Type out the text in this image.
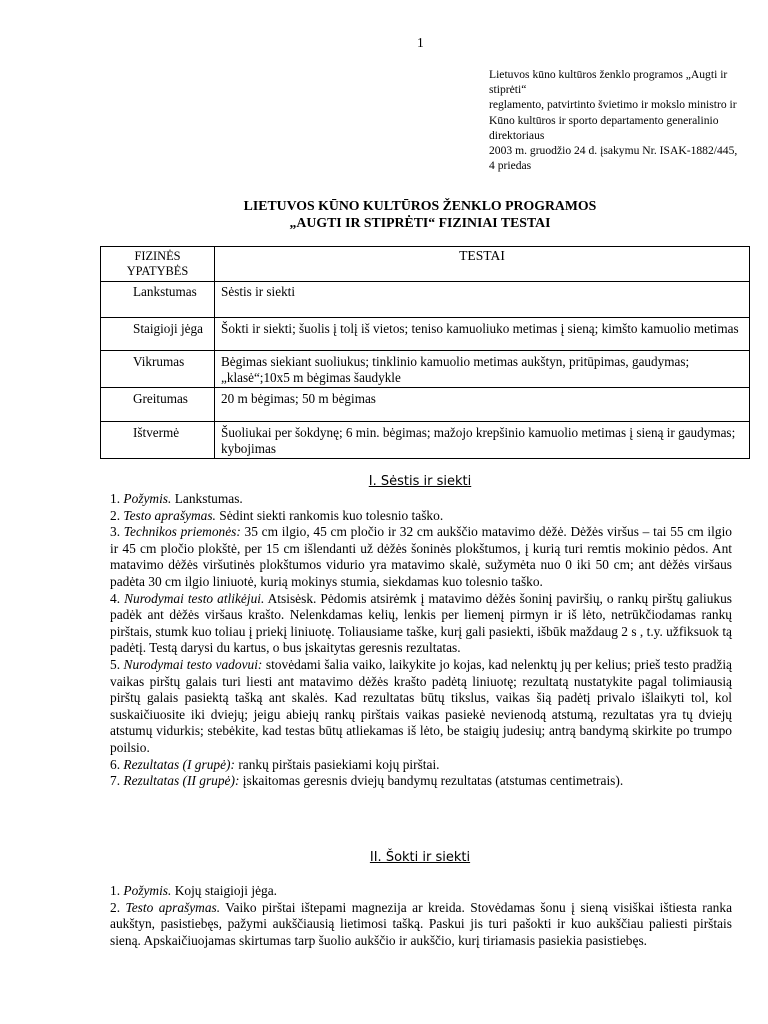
1
Lietuvos kūno kultūros ženklo programos „Augti ir
stiprėti“
reglamento, patvirtinto švietimo ir mokslo ministro ir
Kūno kultūros ir sporto departamento generalinio
direktoriaus
2003 m. gruodžio 24 d. įsakymu Nr. ISAK-1882/445,
4 priedas
LIETUVOS KŪNO KULTŪROS ŽENKLO PROGRAMOS
„AUGTI IR STIPRĖTI“ FIZINIAI TESTAI
FIZINĖS YPATYBĖS	TESTAI
Lankstumas	Sėstis ir siekti
Staigioji jėga	Šokti ir siekti; šuolis į tolį iš vietos; teniso kamuoliuko metimas į sieną; kimšto kamuolio metimas
Vikrumas	Bėgimas siekiant suoliukus; tinklinio kamuolio metimas aukštyn, pritūpimas, gaudymas; „klasė“;10x5 m bėgimas šaudykle
Greitumas	20 m bėgimas; 50 m bėgimas
Ištvermė	Šuoliukai per šokdynę; 6 min. bėgimas; mažojo krepšinio kamuolio metimas į sieną ir gaudymas; kybojimas
I. Sėstis ir siekti

1. Požymis. Lankstumas.

2. Testo aprašymas. Sėdint siekti rankomis kuo tolesnio taško.

3. Technikos priemonės: 35 cm ilgio, 45 cm pločio ir 32 cm aukščio matavimo dėžė. Dėžės viršus – tai 55 cm ilgio ir 45 cm pločio plokštė, per 15 cm išlendanti už dėžės šoninės plokštumos, į kurią turi remtis mokinio pėdos. Ant matavimo dėžės viršutinės plokštumos vidurio yra matavimo skalė, sužymėta nuo 0 iki 50 cm; ant dėžės viršaus padėta 30 cm ilgio liniuotė, kurią mokinys stumia, siekdamas kuo tolesnio taško.

4. Nurodymai testo atlikėjui. Atsisėsk. Pėdomis atsirėmk į matavimo dėžės šoninį paviršių, o rankų pirštų galiukus padėk ant dėžės viršaus krašto. Nelenkdamas kelių, lenkis per liemenį pirmyn ir iš lėto, netrūkčiodamas rankų pirštais, stumk kuo toliau į priekį liniuotę. Toliausiame taške, kurį gali pasiekti, išbūk maždaug 2 s , t.y. užfiksuok tą padėtį. Testą darysi du kartus, o bus įskaitytas geresnis rezultatas.

5. Nurodymai testo vadovui: stovėdami šalia vaiko, laikykite jo kojas, kad nelenktų jų per kelius; prieš testo pradžią vaikas pirštų galais turi liesti ant matavimo dėžės krašto padėtą liniuotę; rezultatą nustatykite pagal tolimiausią pirštų galais pasiektą tašką ant skalės. Kad rezultatas būtų tikslus, vaikas šią padėtį privalo išlaikyti tol, kol suskaičiuosite iki dviejų; jeigu abiejų rankų pirštais vaikas pasiekė nevienodą atstumą, rezultatas yra tų dviejų atstumų vidurkis; stebėkite, kad testas būtų atliekamas iš lėto, be staigių judesių; antrą bandymą skirkite po trumpo poilsio.

6. Rezultatas (I grupė): rankų pirštais pasiekiami kojų pirštai.

7. Rezultatas (II grupė): įskaitomas geresnis dviejų bandymų rezultatas (atstumas centimetrais).

II. Šokti ir siekti

1. Požymis. Kojų staigioji jėga.

2. Testo aprašymas. Vaiko pirštai ištepami magnezija ar kreida. Stovėdamas šonu į sieną visiškai ištiesta ranka aukštyn, pasistiebęs, pažymi aukščiausią lietimosi tašką. Paskui jis turi pašokti ir kuo aukščiau paliesti pirštais sieną. Apskaičiuojamas skirtumas tarp šuolio aukščio ir aukščio, kurį tiriamasis pasiekia pasistiebęs.
